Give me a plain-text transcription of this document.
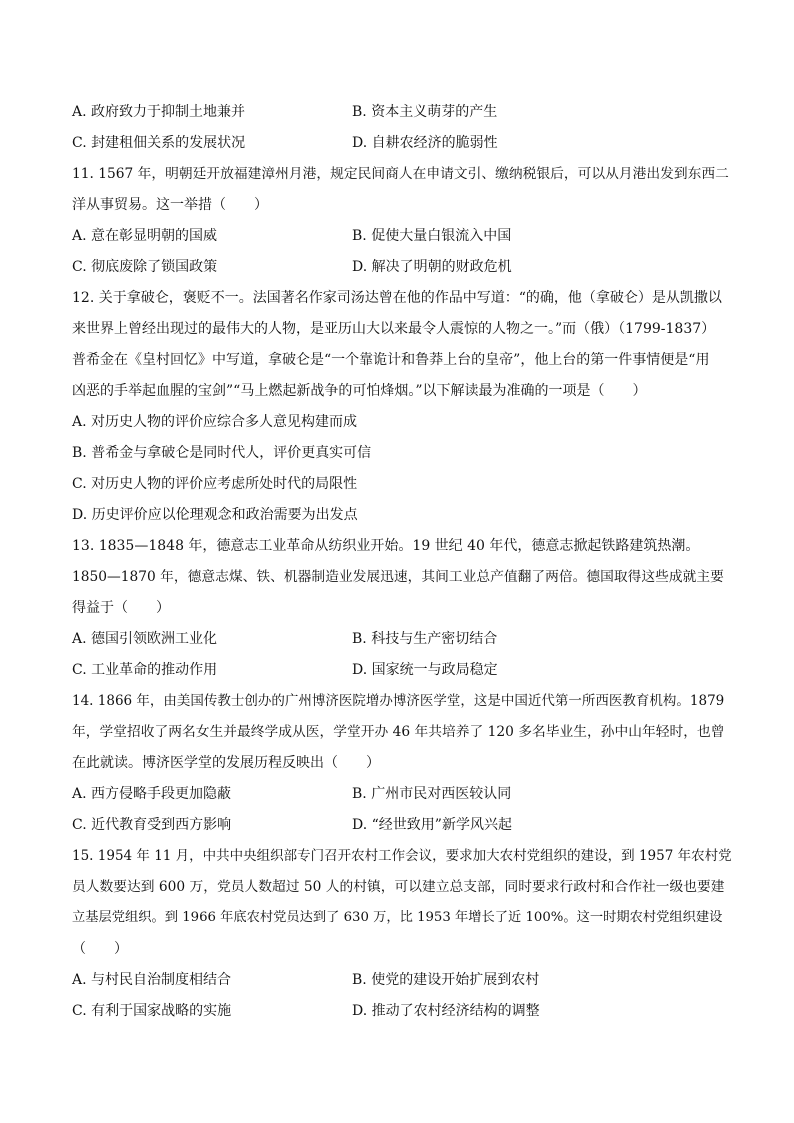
A. 政府致力于抑制土地兼并	B. 资本主义萌芽的产生
C. 封建租佃关系的发展状况	D. 自耕农经济的脆弱性
11. 1567 年，明朝廷开放福建漳州月港，规定民间商人在申请文引、缴纳税银后，可以从月港出发到东西二
洋从事贸易。这一举措（　　）
A. 意在彰显明朝的国威	B. 促使大量白银流入中国
C. 彻底废除了锁国政策	D. 解决了明朝的财政危机
12. 关于拿破仑，褒贬不一。法国著名作家司汤达曾在他的作品中写道：“的确，他（拿破仑）是从凯撒以
来世界上曾经出现过的最伟大的人物，是亚历山大以来最令人震惊的人物之一。”而（俄）（1799-1837）
普希金在《皇村回忆》中写道，拿破仑是“一个靠诡计和鲁莽上台的皇帝”，他上台的第一件事情便是“用
凶恶的手举起血腥的宝剑”“马上燃起新战争的可怕烽烟。”以下解读最为准确的一项是（　　）
A. 对历史人物的评价应综合多人意见构建而成
B. 普希金与拿破仑是同时代人，评价更真实可信
C. 对历史人物的评价应考虑所处时代的局限性
D. 历史评价应以伦理观念和政治需要为出发点
13. 1835—1848 年，德意志工业革命从纺织业开始。19 世纪 40 年代，德意志掀起铁路建筑热潮。
1850—1870 年，德意志煤、铁、机器制造业发展迅速，其间工业总产值翻了两倍。德国取得这些成就主要
得益于（　　）
A. 德国引领欧洲工业化	B. 科技与生产密切结合
C. 工业革命的推动作用	D. 国家统一与政局稳定
14. 1866 年，由美国传教士创办的广州博济医院增办博济医学堂，这是中国近代第一所西医教育机构。1879
年，学堂招收了两名女生并最终学成从医，学堂开办 46 年共培养了 120 多名毕业生，孙中山年轻时，也曾
在此就读。博济医学堂的发展历程反映出（　　）
A. 西方侵略手段更加隐蔽	B. 广州市民对西医较认同
C. 近代教育受到西方影响	D. “经世致用”新学风兴起
15. 1954 年 11 月，中共中央组织部专门召开农村工作会议，要求加大农村党组织的建设，到 1957 年农村党
员人数要达到 600 万，党员人数超过 50 人的村镇，可以建立总支部，同时要求行政村和合作社一级也要建
立基层党组织。到 1966 年底农村党员达到了 630 万，比 1953 年增长了近 100%。这一时期农村党组织建设
（　　）
A. 与村民自治制度相结合	B. 使党的建设开始扩展到农村
C. 有利于国家战略的实施	D. 推动了农村经济结构的调整
